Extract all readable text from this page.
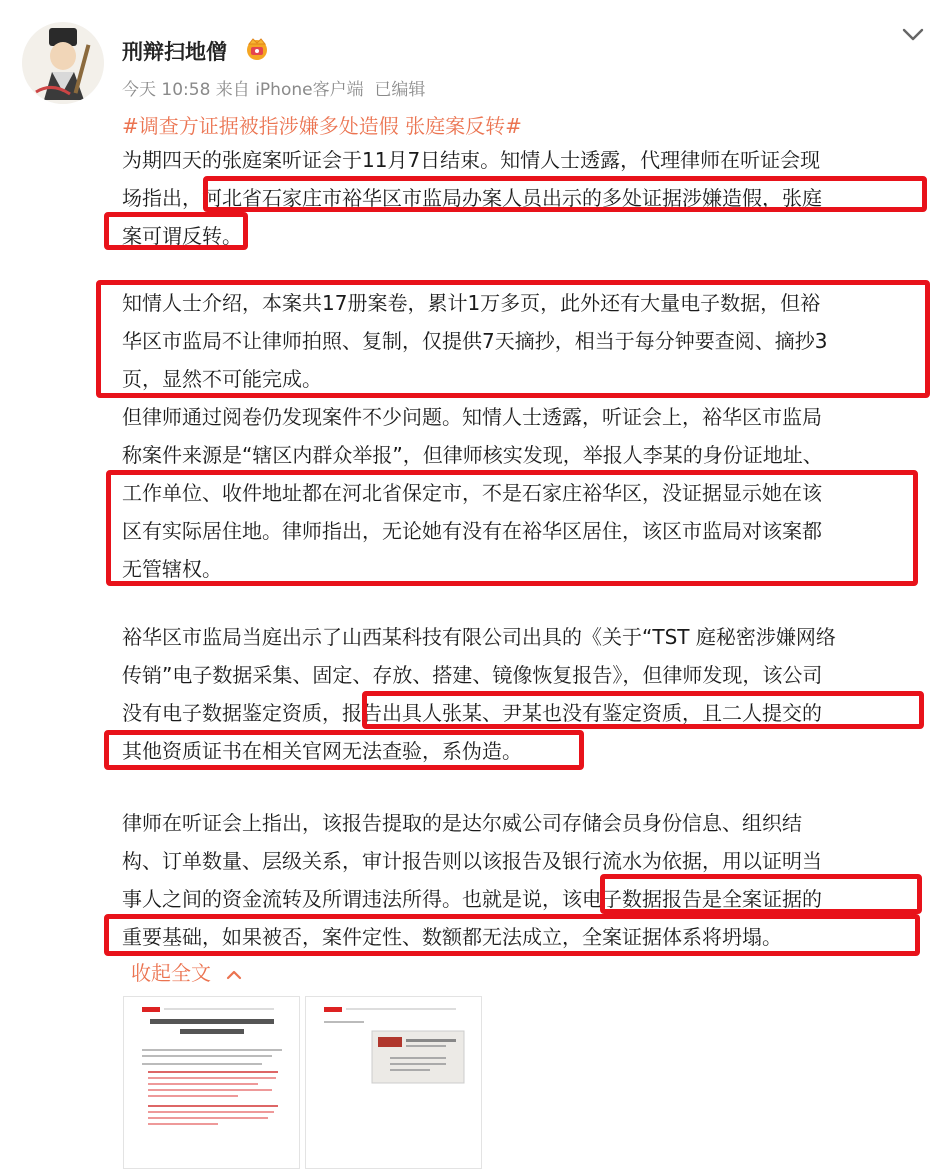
刑辩扫地僧
今天 10:58 来自 iPhone客户端  已编辑
#调查方证据被指涉嫌多处造假 张庭案反转#
为期四天的张庭案听证会于11月7日结束。知情人士透露，代理律师在听证会现
场指出，河北省石家庄市裕华区市监局办案人员出示的多处证据涉嫌造假，张庭
案可谓反转。
知情人士介绍，本案共17册案卷，累计1万多页，此外还有大量电子数据，但裕
华区市监局不让律师拍照、复制，仅提供7天摘抄，相当于每分钟要查阅、摘抄3
页，显然不可能完成。
但律师通过阅卷仍发现案件不少问题。知情人士透露，听证会上，裕华区市监局
称案件来源是“辖区内群众举报”，但律师核实发现，举报人李某的身份证地址、
工作单位、收件地址都在河北省保定市，不是石家庄裕华区，没证据显示她在该
区有实际居住地。律师指出，无论她有没有在裕华区居住，该区市监局对该案都
无管辖权。
裕华区市监局当庭出示了山西某科技有限公司出具的《关于“TST 庭秘密涉嫌网络
传销”电子数据采集、固定、存放、搭建、镜像恢复报告》，但律师发现，该公司
没有电子数据鉴定资质，报告出具人张某、尹某也没有鉴定资质，且二人提交的
其他资质证书在相关官网无法查验，系伪造。
律师在听证会上指出，该报告提取的是达尔威公司存储会员身份信息、组织结
构、订单数量、层级关系，审计报告则以该报告及银行流水为依据，用以证明当
事人之间的资金流转及所谓违法所得。也就是说，该电子数据报告是全案证据的
重要基础，如果被否，案件定性、数额都无法成立，全案证据体系将坍塌。
收起全文
